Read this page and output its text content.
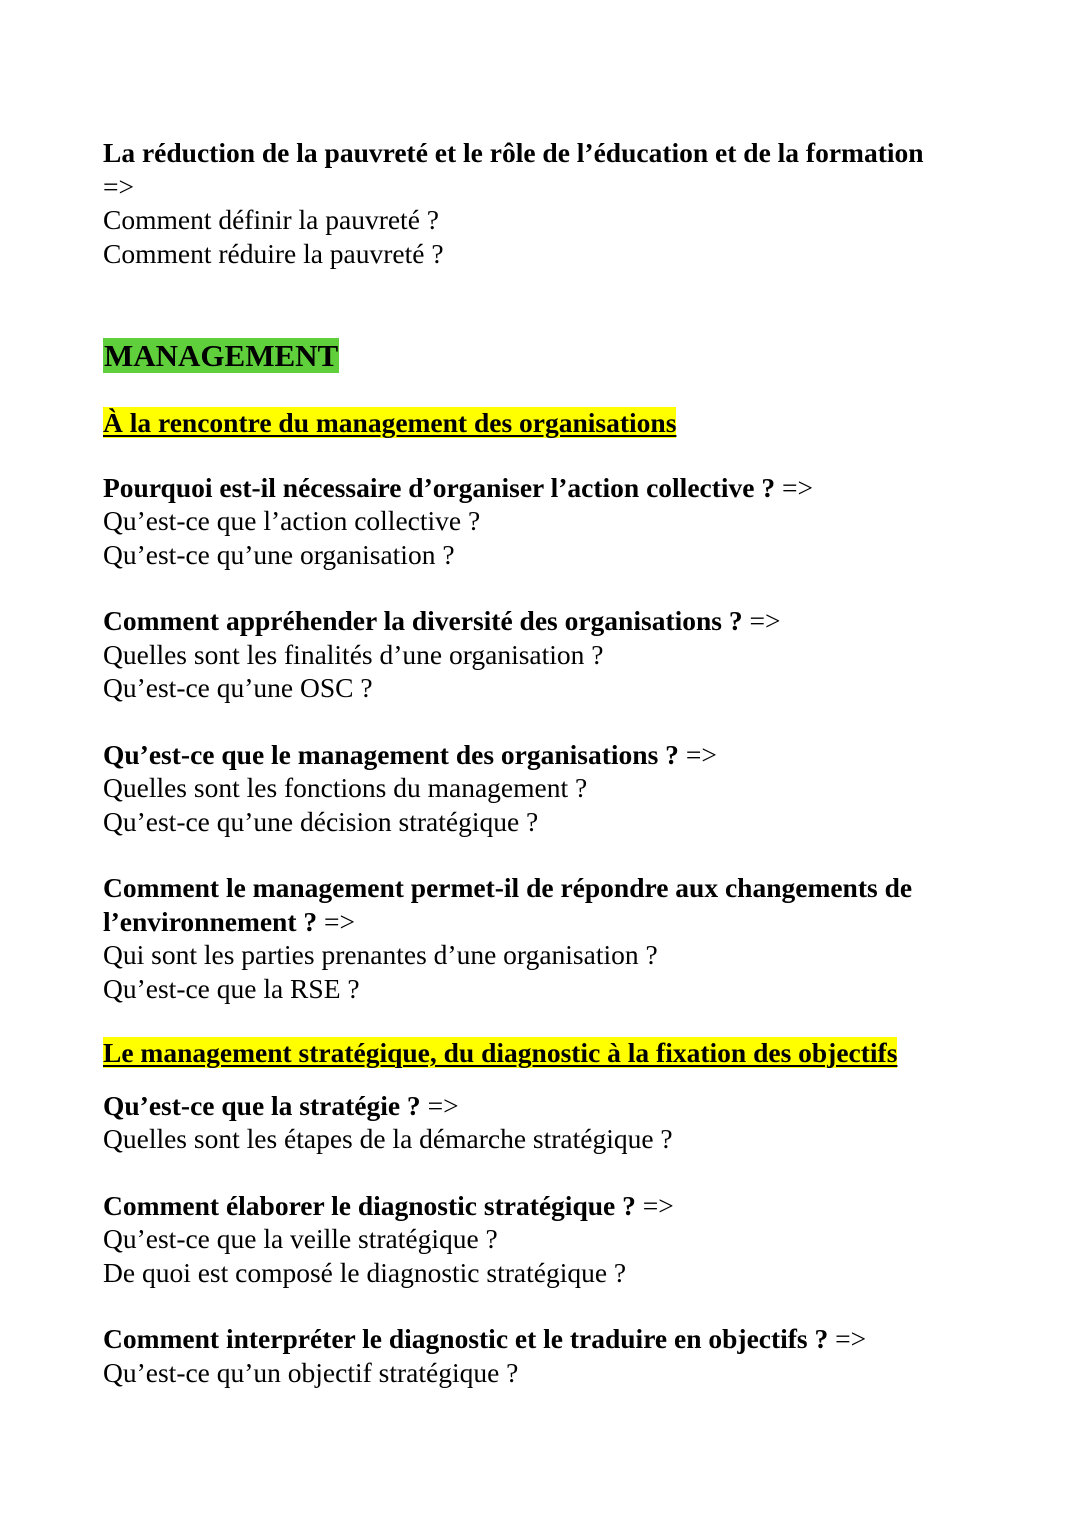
La réduction de la pauvreté et le rôle de l’éducation et de la formation
=>
Comment définir la pauvreté ?
Comment réduire la pauvreté ?
MANAGEMENT
À la rencontre du management des organisations
Pourquoi est-il nécessaire d’organiser l’action collective ? =>
Qu’est-ce que l’action collective ?
Qu’est-ce qu’une organisation ?
Comment appréhender la diversité des organisations ? =>
Quelles sont les finalités d’une organisation ?
Qu’est-ce qu’une OSC ?
Qu’est-ce que le management des organisations ? =>
Quelles sont les fonctions du management ?
Qu’est-ce qu’une décision stratégique ?
Comment le management permet-il de répondre aux changements de
l’environnement ? =>
Qui sont les parties prenantes d’une organisation ?
Qu’est-ce que la RSE ?
Le management stratégique, du diagnostic à la fixation des objectifs
Qu’est-ce que la stratégie ? =>
Quelles sont les étapes de la démarche stratégique ?
Comment élaborer le diagnostic stratégique ? =>
Qu’est-ce que la veille stratégique ?
De quoi est composé le diagnostic stratégique ?
Comment interpréter le diagnostic et le traduire en objectifs ? =>
Qu’est-ce qu’un objectif stratégique ?
